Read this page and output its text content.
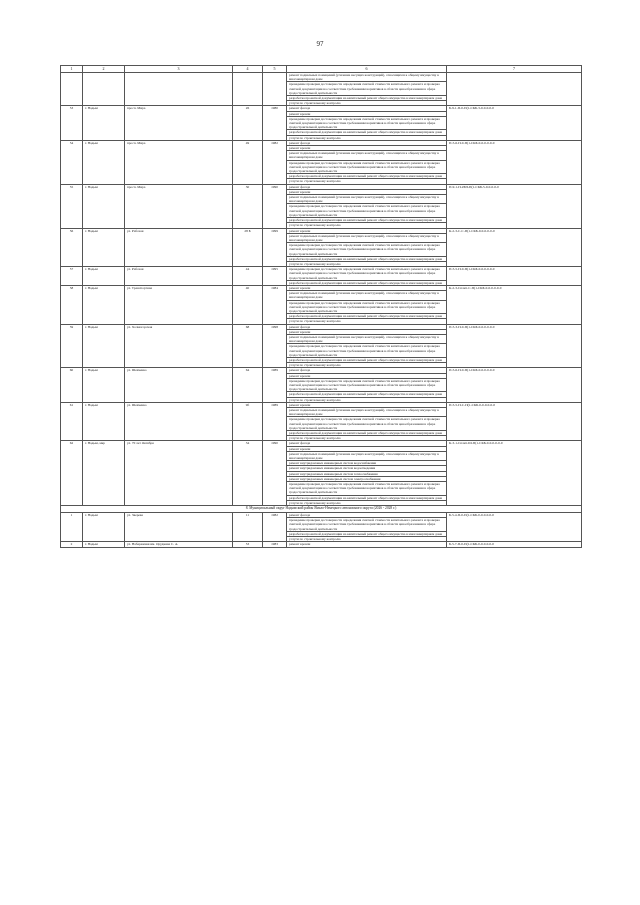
97
1	2	3	4	5	6	7
					ремонт подвальных помещений (усиление несущих конструкций), относящихся к общему имуществу в многоквартирном доме	
					проведение проверки достоверности определения сметной стоимости капитального ремонта и проверка сметной документации на соответствие требованиям нормативов в области ценообразования в сфере градостроительной деятельности	
					разработка проектной документации на капитальный ремонт общего имущества в многоквартирном доме	
					услуги по строительному контролю	
53	г. Надым	просп. Мира	26	1980	ремонт фасада	Б-9-1-П-0-П(1-СКБ-3-0-0-0-0-0
					ремонт кровли	
					проведение проверки достоверности определения сметной стоимости капитального ремонта и проверка сметной документации на соответствие требованиям нормативов в области ценообразования в сфере градостроительной деятельности	
					разработка проектной документации на капитальный ремонт общего имущества в многоквартирном доме	
					услуги по строительному контролю	
54	г. Надым	просп. Мира	49	1982	ремонт фасада	П-5-6-П-0-П(1-СКБ-0-0-0-0-0-0
					ремонт кровли	
					ремонт подвальных помещений (усиление несущих конструкций), относящихся к общему имуществу в многоквартирном доме	
					проведение проверки достоверности определения сметной стоимости капитального ремонта и проверка сметной документации на соответствие требованиям нормативов в области ценообразования в сфере градостроительной деятельности	
					разработка проектной документации на капитальный ремонт общего имущества в многоквартирном доме	
					услуги по строительному контролю	
55	г. Надым	просп. Мира	30	1990	ремонт фасада	П-9-1-П-2БП-П(1-СКБ-5-0-0-0-0-0
					ремонт кровли	
					ремонт подвальных помещений (усиление несущих конструкций), относящихся к общему имуществу в многоквартирном доме	
					проведение проверки достоверности определения сметной стоимости капитального ремонта и проверка сметной документации на соответствие требованиям нормативов в области ценообразования в сфере градостроительной деятельности	
					разработка проектной документации на капитальный ремонт общего имущества в многоквартирном доме	
					услуги по строительному контролю	
56	г. Надым	ул. Рабочая	28 Б	1999	ремонт кровли	К-2-3-С-С-П(1-СКБ-0-0-0-0-0-0
					ремонт подвальных помещений (усиление несущих конструкций), относящихся к общему имуществу в многоквартирном доме	
					проведение проверки достоверности определения сметной стоимости капитального ремонта и проверка сметной документации на соответствие требованиям нормативов в области ценообразования в сфере градостроительной деятельности	
					разработка проектной документации на капитальный ремонт общего имущества в многоквартирном доме	
					услуги по строительному контролю	
57	г. Надым	ул. Рабочая	44	1995	проведение проверки достоверности определения сметной стоимости капитального ремонта и проверка сметной документации на соответствие требованиям нормативов в области ценообразования в сфере градостроительной деятельности	П-5-5-П-0-П(1-СКБ-0-0-0-0-0-0
					разработка проектной документации на капитальный ремонт общего имущества в многоквартирном доме	
58	г. Надым	ул. Транспортная	40	1984	ремонт кровли	К-2-3-Сплит-С-П(1-СКБ-0-0-0-0-0-0
					ремонт подвальных помещений (усиление несущих конструкций), относящихся к общему имуществу в многоквартирном доме	
					проведение проверки достоверности определения сметной стоимости капитального ремонта и проверка сметной документации на соответствие требованиям нормативов в области ценообразования в сфере градостроительной деятельности	
					разработка проектной документации на капитальный ремонт общего имущества в многоквартирном доме	
					услуги по строительному контролю	
59	г. Надым	ул. Холмогорская	68	1998	ремонт фасада	П-5-3-П-0-П(1-СКБ-0-0-0-0-0-0
					ремонт кровли	
					ремонт подвальных помещений (усиление несущих конструкций), относящихся к общему имуществу в многоквартирном доме	
					проведение проверки достоверности определения сметной стоимости капитального ремонта и проверка сметной документации на соответствие требованиям нормативов в области ценообразования в сфере градостроительной деятельности	
					разработка проектной документации на капитальный ремонт общего имущества в многоквартирном доме	
					услуги по строительному контролю	
60	г. Надым	ул. Шевченко	64	1989	ремонт фасада	П-5-6-П-0-П(1-СКБ-0-0-0-0-0-0
					ремонт кровли	
					проведение проверки достоверности определения сметной стоимости капитального ремонта и проверка сметной документации на соответствие требованиям нормативов в области ценообразования в сфере градостроительной деятельности	
					разработка проектной документации на капитальный ремонт общего имущества в многоквартирном доме	
					услуги по строительному контролю	
61	г. Надым	ул. Шевченко	9б	1989	ремонт кровли	П-5-5-П-С-П(1-СКБ-0-0-0-0-0-0
					ремонт подвальных помещений (усиление несущих конструкций), относящихся к общему имуществу в многоквартирном доме	
					проведение проверки достоверности определения сметной стоимости капитального ремонта и проверка сметной документации на соответствие требованиям нормативов в области ценообразования в сфере градостроительной деятельности	
					разработка проектной документации на капитальный ремонт общего имущества в многоквартирном доме	
					услуги по строительному контролю	
62	г. Надым, мкр	ул. 70 лет Октября	34	1990	ремонт фасада	К-3-1-Сплит-Ш-П(1-СКБ-0-0-0-0-0-0
					ремонт кровли	
					ремонт подвальных помещений (усиление несущих конструкций), относящихся к общему имуществу в многоквартирном доме	
					ремонт внутридомовых инженерных систем водоснабжения	
					ремонт внутридомовых инженерных систем водоотведения	
					ремонт внутридомовых инженерных систем теплоснабжения	
					ремонт внутридомовых инженерных систем электроснабжения	
					проведение проверки достоверности определения сметной стоимости капитального ремонта и проверка сметной документации на соответствие требованиям нормативов в области ценообразования в сфере градостроительной деятельности	
					разработка проектной документации на капитальный ремонт общего имущества в многоквартирном доме	
					услуги по строительному контролю	
8. Муниципальный округ Надымский район Ямало-Ненецкого автономного округа (2026 - 2028 г.)						
1	г. Надым	ул. Зверева	11	1982	ремонт фасада	Б-5-4-П-0-П(1-СКБ-0-0-0-0-0-0
					проведение проверки достоверности определения сметной стоимости капитального ремонта и проверка сметной документации на соответствие требованиям нормативов в области ценообразования в сфере градостроительной деятельности	
					разработка проектной документации на капитальный ремонт общего имущества в многоквартирном доме	
					услуги по строительному контролю	
2	г. Надым	ул. Набережная им. Оруджева С. А.	53	1983	ремонт кровли	Б-5-7-П-0-П(1-СКБ-0-0-0-0-0-0
